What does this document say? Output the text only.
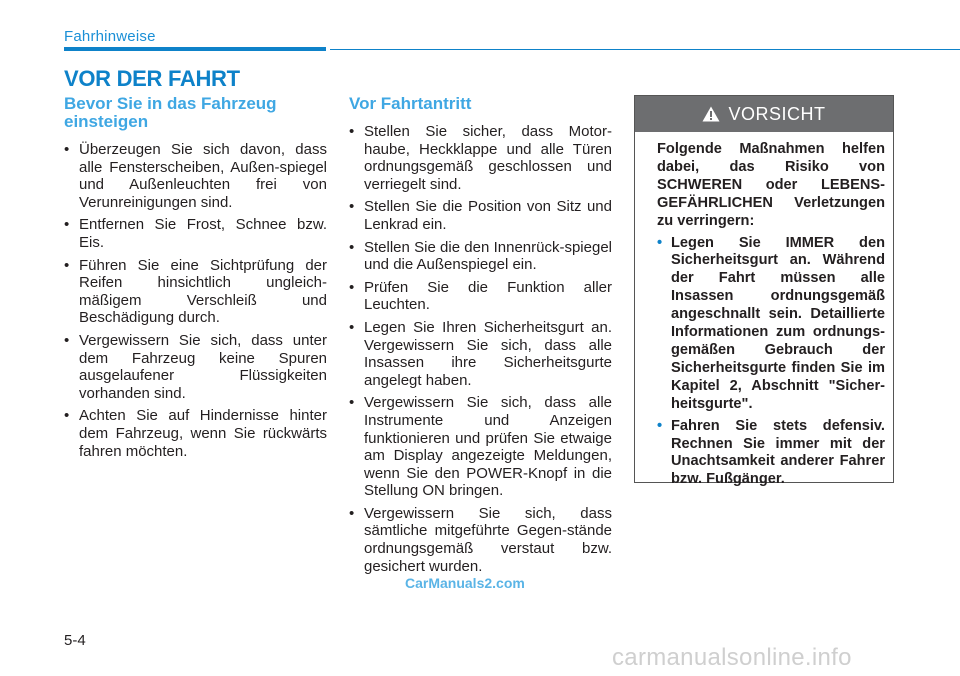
Fahrhinweise
VOR DER FAHRT
Bevor Sie in das Fahrzeug einsteigen
• Überzeugen Sie sich davon, dass alle Fensterscheiben, Außen-spiegel und Außenleuchten frei von Verunreinigungen sind.
• Entfernen Sie Frost, Schnee bzw. Eis.
• Führen Sie eine Sichtprüfung der Reifen hinsichtlich ungleich-mäßigem Verschleiß und Beschädigung durch.
• Vergewissern Sie sich, dass unter dem Fahrzeug keine Spuren ausgelaufener Flüssigkeiten vorhanden sind.
• Achten Sie auf Hindernisse hinter dem Fahrzeug, wenn Sie rückwärts fahren möchten.
Vor Fahrtantritt
• Stellen Sie sicher, dass Motor-haube, Heckklappe und alle Türen ordnungsgemäß geschlossen und verriegelt sind.
• Stellen Sie die Position von Sitz und Lenkrad ein.
• Stellen Sie die den Innenrück-spiegel und die Außenspiegel ein.
• Prüfen Sie die Funktion aller Leuchten.
• Legen Sie Ihren Sicherheitsgurt an. Vergewissern Sie sich, dass alle Insassen ihre Sicherheitsgurte angelegt haben.
• Vergewissern Sie sich, dass alle Instrumente und Anzeigen funktionieren und prüfen Sie etwaige am Display angezeigte Meldungen, wenn Sie den POWER-Knopf in die Stellung ON bringen.
• Vergewissern Sie sich, dass sämtliche mitgeführte Gegen-stände ordnungsgemäß verstaut bzw. gesichert wurden.
VORSICHT
Folgende Maßnahmen helfen dabei, das Risiko von SCHWEREN oder LEBENS-GEFÄHRLICHEN Verletzungen zu verringern:
• Legen Sie IMMER den Sicherheitsgurt an. Während der Fahrt müssen alle Insassen ordnungsgemäß angeschnallt sein. Detaillierte Informationen zum ordnungs-gemäßen Gebrauch der Sicherheitsgurte finden Sie im Kapitel 2, Abschnitt "Sicher-heitsgurte".
• Fahren Sie stets defensiv. Rechnen Sie immer mit der Unachtsamkeit anderer Fahrer bzw. Fußgänger.
CarManuals2.com
5-4
carmanualsonline.info
